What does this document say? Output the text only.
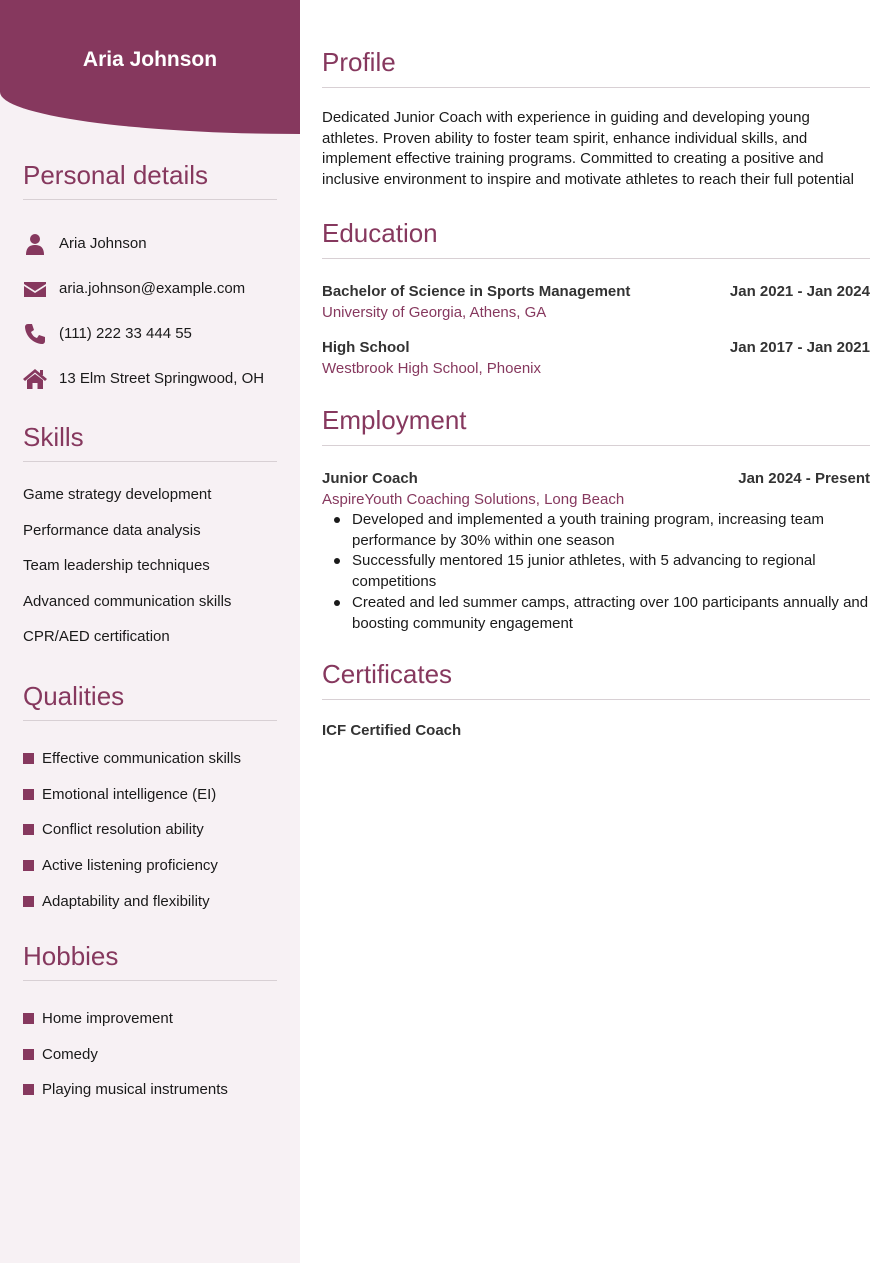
Aria Johnson
Personal details
Aria Johnson
aria.johnson@example.com
(111) 222 33 444 55
13 Elm Street Springwood, OH
Skills
Game strategy development
Performance data analysis
Team leadership techniques
Advanced communication skills
CPR/AED certification
Qualities
Effective communication skills
Emotional intelligence (EI)
Conflict resolution ability
Active listening proficiency
Adaptability and flexibility
Hobbies
Home improvement
Comedy
Playing musical instruments
Profile
Dedicated Junior Coach with experience in guiding and developing young athletes. Proven ability to foster team spirit, enhance individual skills, and implement effective training programs. Committed to creating a positive and inclusive environment to inspire and motivate athletes to reach their full potential
Education
Bachelor of Science in Sports Management	Jan 2021 - Jan 2024
University of Georgia, Athens, GA
High School	Jan 2017 - Jan 2021
Westbrook High School, Phoenix
Employment
Junior Coach	Jan 2024 - Present
AspireYouth Coaching Solutions, Long Beach
Developed and implemented a youth training program, increasing team performance by 30% within one season
Successfully mentored 15 junior athletes, with 5 advancing to regional competitions
Created and led summer camps, attracting over 100 participants annually and boosting community engagement
Certificates
ICF Certified Coach
